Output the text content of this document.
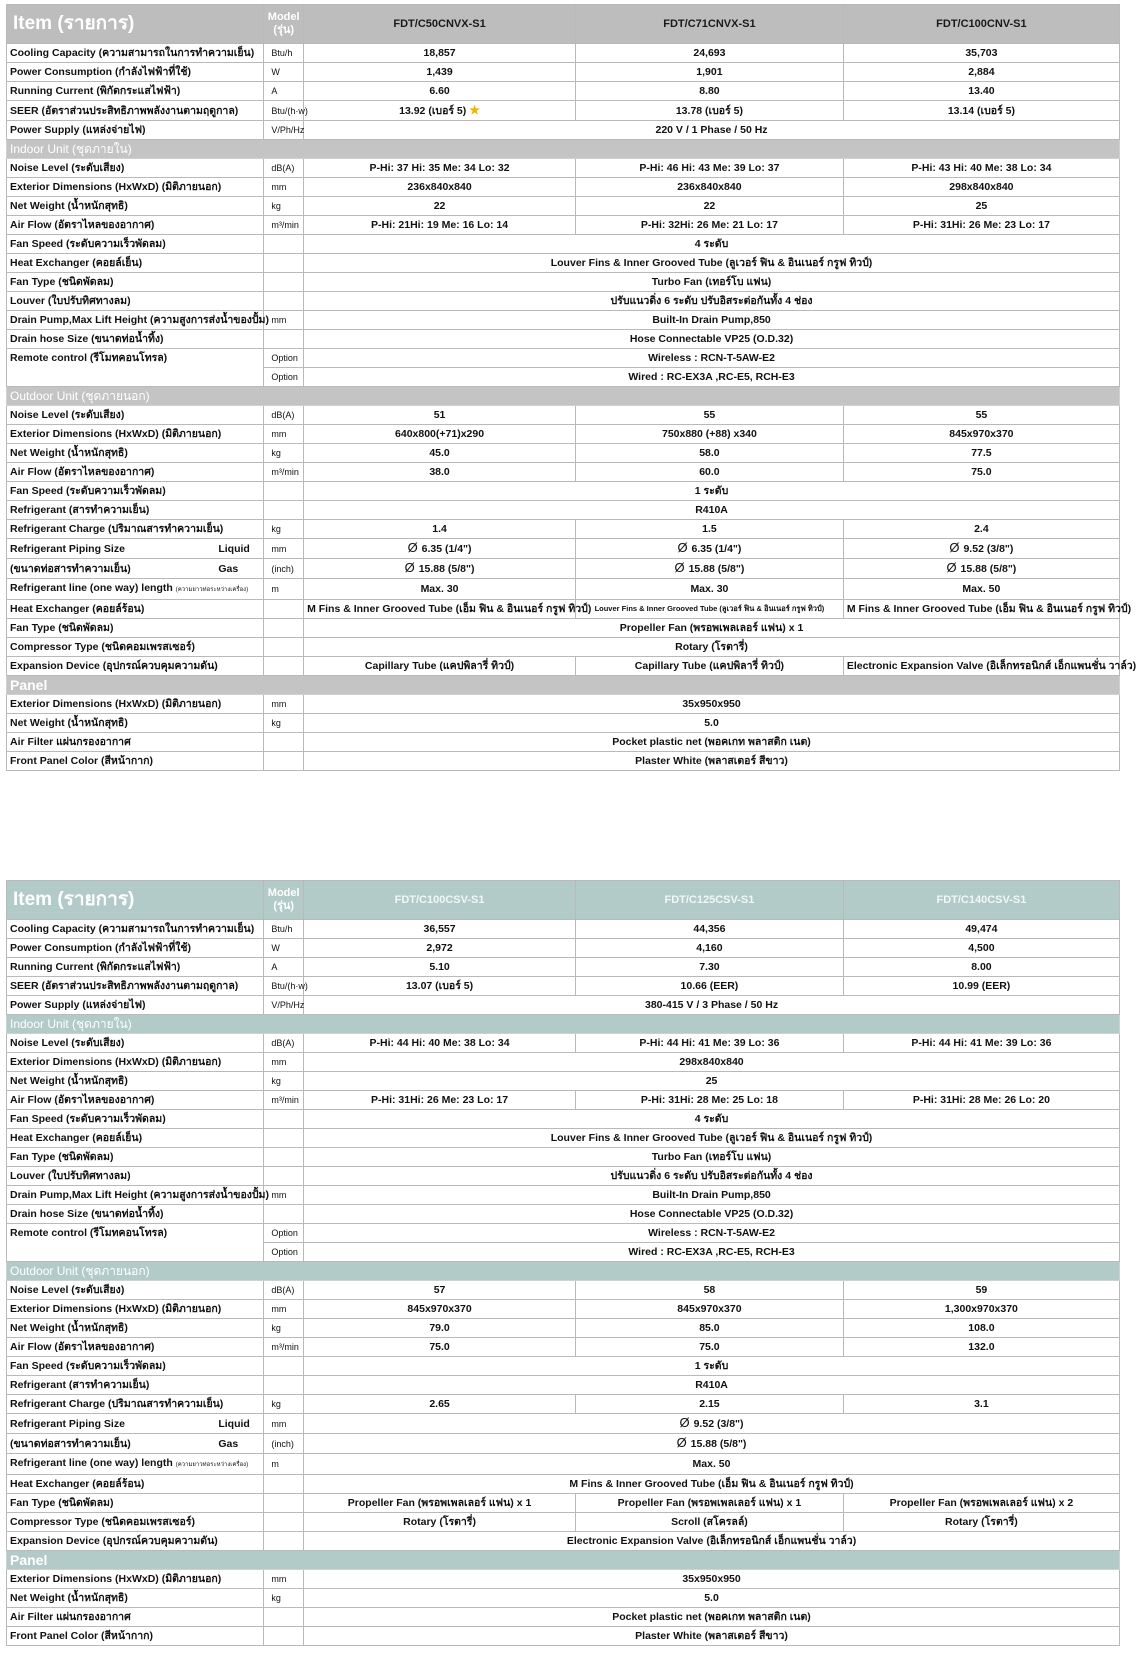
Item (รายการ)	Model
(รุ่น)	FDT/C50CNVX-S1	FDT/C71CNVX-S1	FDT/C100CNV-S1
Cooling Capacity (ความสามารถในการทำความเย็น)	Btu/h	18,857	24,693	35,703
Power Consumption (กำลังไฟฟ้าที่ใช้)	W	1,439	1,901	2,884
Running Current (พิกัดกระแสไฟฟ้า)	A	6.60	8.80	13.40
SEER (อัตราส่วนประสิทธิภาพพลังงานตามฤดูกาล)	Btu/(h·w)	13.92 (เบอร์ 5) ★	13.78 (เบอร์ 5)	13.14 (เบอร์ 5)
Power Supply (แหล่งจ่ายไฟ)	V/Ph/Hz	220 V / 1 Phase / 50 Hz		
Indoor Unit (ชุดภายใน)				
Noise Level (ระดับเสียง)	dB(A)	P-Hi: 37 Hi: 35 Me: 34 Lo: 32	P-Hi: 46 Hi: 43 Me: 39 Lo: 37	P-Hi: 43 Hi: 40 Me: 38 Lo: 34
Exterior Dimensions (HxWxD) (มิติภายนอก)	mm	236x840x840	236x840x840	298x840x840
Net Weight (น้ำหนักสุทธิ)	kg	22	22	25
Air Flow (อัตราไหลของอากาศ)	m³/min	P-Hi: 21Hi: 19 Me: 16 Lo: 14	P-Hi: 32Hi: 26 Me: 21 Lo: 17	P-Hi: 31Hi: 26 Me: 23 Lo: 17
Fan Speed (ระดับความเร็วพัดลม)		4 ระดับ		
Heat Exchanger (คอยล์เย็น)		Louver Fins & Inner Grooved Tube (ลูเวอร์ ฟิน & อินเนอร์ กรูฟ ทิวป์)		
Fan Type (ชนิดพัดลม)		Turbo Fan (เทอร์โบ แฟน)		
Louver (ใบปรับทิศทางลม)		ปรับแนวดิ่ง 6 ระดับ ปรับอิสระต่อกันทั้ง 4 ช่อง		
Drain Pump,Max Lift Height (ความสูงการส่งน้ำของปั้ม)	mm	Built-In Drain Pump,850		
Drain hose Size (ขนาดท่อน้ำทิ้ง)		Hose Connectable VP25 (O.D.32)		
Remote control (รีโมทคอนโทรล)	Option	Wireless : RCN-T-5AW-E2		
	Option	Wired : RC-EX3A ,RC-E5, RCH-E3		
Outdoor Unit (ชุดภายนอก)				
Noise Level (ระดับเสียง)	dB(A)	51	55	55
Exterior Dimensions (HxWxD) (มิติภายนอก)	mm	640x800(+71)x290	750x880 (+88) x340	845x970x370
Net Weight (น้ำหนักสุทธิ)	kg	45.0	58.0	77.5
Air Flow (อัตราไหลของอากาศ)	m³/min	38.0	60.0	75.0
Fan Speed (ระดับความเร็วพัดลม)		1 ระดับ		
Refrigerant (สารทำความเย็น)		R410A		
Refrigerant Charge (ปริมาณสารทำความเย็น)	kg	1.4	1.5	2.4
Refrigerant Piping Size Liquid	mm	Ø 6.35 (1/4")	Ø 6.35 (1/4")	Ø 9.52 (3/8")
(ขนาดท่อสารทำความเย็น) Gas	(inch)	Ø 15.88 (5/8")	Ø 15.88 (5/8")	Ø 15.88 (5/8")
Refrigerant line (one way) length (ความยาวท่อระหว่างเครื่อง)	m	Max. 30	Max. 30	Max. 50
Heat Exchanger (คอยล์ร้อน)		M Fins & Inner Grooved Tube (เอ็ม ฟิน & อินเนอร์ กรูฟ ทิวป์)	Louver Fins & Inner Grooved Tube (ลูเวอร์ ฟิน & อินเนอร์ กรูฟ ทิวป์)	M Fins & Inner Grooved Tube (เอ็ม ฟิน & อินเนอร์ กรูฟ ทิวป์)
Fan Type (ชนิดพัดลม)		Propeller Fan (พรอพเพลเลอร์ แฟน) x 1		
Compressor Type (ชนิดคอมเพรสเซอร์)		Rotary (โรตารี่)		
Expansion Device (อุปกรณ์ควบคุมความดัน)		Capillary Tube (แคปพิลารี่ ทิวป์)	Capillary Tube (แคปพิลารี่ ทิวป์)	Electronic Expansion Valve (อิเล็กทรอนิกส์ เอ็กแพนชั่น วาล์ว)
Panel				
Exterior Dimensions (HxWxD) (มิติภายนอก)	mm	35x950x950		
Net Weight (น้ำหนักสุทธิ)	kg	5.0		
Air Filter แผ่นกรองอากาศ		Pocket plastic net (พอคเกท พลาสติก เนต)		
Front Panel Color (สีหน้ากาก)		Plaster White (พลาสเตอร์ สีขาว)		
Item (รายการ)	Model
(รุ่น)	FDT/C100CSV-S1	FDT/C125CSV-S1	FDT/C140CSV-S1
Cooling Capacity (ความสามารถในการทำความเย็น)	Btu/h	36,557	44,356	49,474
Power Consumption (กำลังไฟฟ้าที่ใช้)	W	2,972	4,160	4,500
Running Current (พิกัดกระแสไฟฟ้า)	A	5.10	7.30	8.00
SEER (อัตราส่วนประสิทธิภาพพลังงานตามฤดูกาล)	Btu/(h·w)	13.07 (เบอร์ 5)	10.66 (EER)	10.99 (EER)
Power Supply (แหล่งจ่ายไฟ)	V/Ph/Hz	380-415 V / 3 Phase / 50 Hz		
Indoor Unit (ชุดภายใน)				
Noise Level (ระดับเสียง)	dB(A)	P-Hi: 44 Hi: 40 Me: 38 Lo: 34	P-Hi: 44 Hi: 41 Me: 39 Lo: 36	P-Hi: 44 Hi: 41 Me: 39 Lo: 36
Exterior Dimensions (HxWxD) (มิติภายนอก)	mm	298x840x840		
Net Weight (น้ำหนักสุทธิ)	kg	25		
Air Flow (อัตราไหลของอากาศ)	m³/min	P-Hi: 31Hi: 26 Me: 23 Lo: 17	P-Hi: 31Hi: 28 Me: 25 Lo: 18	P-Hi: 31Hi: 28 Me: 26 Lo: 20
Fan Speed (ระดับความเร็วพัดลม)		4 ระดับ		
Heat Exchanger (คอยล์เย็น)		Louver Fins & Inner Grooved Tube (ลูเวอร์ ฟิน & อินเนอร์ กรูฟ ทิวป์)		
Fan Type (ชนิดพัดลม)		Turbo Fan (เทอร์โบ แฟน)		
Louver (ใบปรับทิศทางลม)		ปรับแนวดิ่ง 6 ระดับ ปรับอิสระต่อกันทั้ง 4 ช่อง		
Drain Pump,Max Lift Height (ความสูงการส่งน้ำของปั้ม)	mm	Built-In Drain Pump,850		
Drain hose Size (ขนาดท่อน้ำทิ้ง)		Hose Connectable VP25 (O.D.32)		
Remote control (รีโมทคอนโทรล)	Option	Wireless : RCN-T-5AW-E2		
	Option	Wired : RC-EX3A ,RC-E5, RCH-E3		
Outdoor Unit (ชุดภายนอก)				
Noise Level (ระดับเสียง)	dB(A)	57	58	59
Exterior Dimensions (HxWxD) (มิติภายนอก)	mm	845x970x370	845x970x370	1,300x970x370
Net Weight (น้ำหนักสุทธิ)	kg	79.0	85.0	108.0
Air Flow (อัตราไหลของอากาศ)	m³/min	75.0	75.0	132.0
Fan Speed (ระดับความเร็วพัดลม)		1 ระดับ		
Refrigerant (สารทำความเย็น)		R410A		
Refrigerant Charge (ปริมาณสารทำความเย็น)	kg	2.65	2.15	3.1
Refrigerant Piping Size Liquid	mm	Ø 9.52 (3/8")		
(ขนาดท่อสารทำความเย็น) Gas	(inch)	Ø 15.88 (5/8")		
Refrigerant line (one way) length (ความยาวท่อระหว่างเครื่อง)	m	Max. 50		
Heat Exchanger (คอยล์ร้อน)		M Fins & Inner Grooved Tube (เอ็ม ฟิน & อินเนอร์ กรูฟ ทิวป์)		
Fan Type (ชนิดพัดลม)		Propeller Fan (พรอพเพลเลอร์ แฟน) x 1	Propeller Fan (พรอพเพลเลอร์ แฟน) x 1	Propeller Fan (พรอพเพลเลอร์ แฟน) x 2
Compressor Type (ชนิดคอมเพรสเซอร์)		Rotary (โรตารี่)	Scroll (สโครลล์)	Rotary (โรตารี่)
Expansion Device (อุปกรณ์ควบคุมความดัน)		Electronic Expansion Valve (อิเล็กทรอนิกส์ เอ็กแพนชั่น วาล์ว)		
Panel				
Exterior Dimensions (HxWxD) (มิติภายนอก)	mm	35x950x950		
Net Weight (น้ำหนักสุทธิ)	kg	5.0		
Air Filter แผ่นกรองอากาศ		Pocket plastic net (พอคเกท พลาสติก เนต)		
Front Panel Color (สีหน้ากาก)		Plaster White (พลาสเตอร์ สีขาว)		
